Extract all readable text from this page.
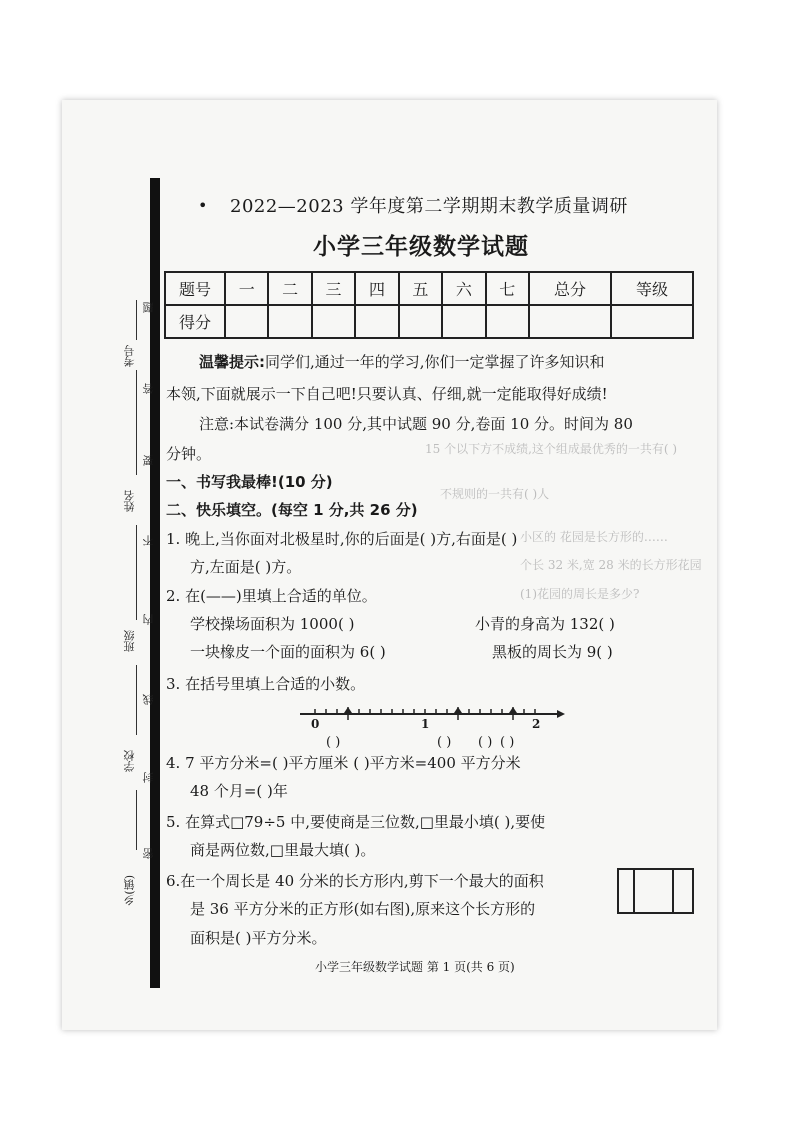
15 个以下方不成绩,这个组成最优秀的一共有( )
不规则的一共有( )人
小区的 花园是长方形的……
个长 32 米,宽 28 米的长方形花园
(1)花园的周长是多少?
考号
姓名
班级
学校
乡(镇)
题
答
要
不
内
线
封
密
• 2022—2023 学年度第二学期期末教学质量调研
小学三年级数学试题
题号	一	二	三	四	五	六	七	总分	等级
得分									
温馨提示:同学们,通过一年的学习,你们一定掌握了许多知识和
本领,下面就展示一下自己吧!只要认真、仔细,就一定能取得好成绩!
注意:本试卷满分 100 分,其中试题 90 分,卷面 10 分。时间为 80
分钟。
一、书写我最棒!(10 分)
二、快乐填空。(每空 1 分,共 26 分)
1. 晚上,当你面对北极星时,你的后面是( )方,右面是( )
方,左面是( )方。
2. 在(——)里填上合适的单位。
学校操场面积为 1000( )	小青的身高为 132( )
一块橡皮一个面的面积为 6( )	黑板的周长为 9( )
3. 在括号里填上合适的小数。
0	1	2
( )	( ) ( ) ( )
4. 7 平方分米=( )平方厘米 ( )平方米=400 平方分米
48 个月=( )年
5. 在算式□79÷5 中,要使商是三位数,□里最小填( ),要使
商是两位数,□里最大填( )。
6.在一个周长是 40 分米的长方形内,剪下一个最大的面积
是 36 平方分米的正方形(如右图),原来这个长方形的
面积是( )平方分米。
小学三年级数学试题 第 1 页(共 6 页)
